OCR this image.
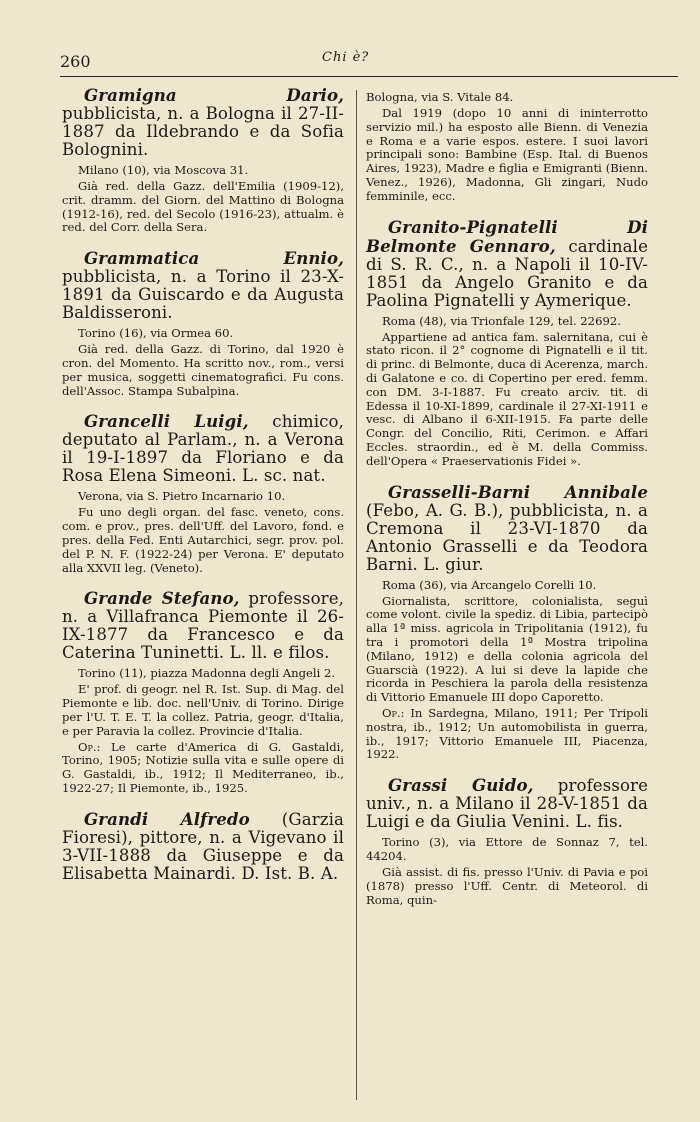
260	Chi è?

Gramigna Dario, pubblicista, n. a Bologna il 27-II-1887 da Ildebrando e da Sofia Bolognini.

Milano (10), via Moscova 31.

Già red. della Gazz. dell'Emilia (1909-12), crit. dramm. del Giorn. del Mattino di Bologna (1912-16), red. del Secolo (1916-23), attualm. è red. del Corr. della Sera.

Grammatica Ennio, pubblicista, n. a Torino il 23-X-1891 da Guiscardo e da Augusta Baldisseroni.

Torino (16), via Ormea 60.

Già red. della Gazz. di Torino, dal 1920 è cron. del Momento. Ha scritto nov., rom., versi per musica, soggetti cinematografici. Fu cons. dell'Assoc. Stampa Subalpina.

Grancelli Luigi, chimico, deputato al Parlam., n. a Verona il 19-I-1897 da Floriano e da Rosa Elena Simeoni. L. sc. nat.

Verona, via S. Pietro Incarnario 10.

Fu uno degli organ. del fasc. veneto, cons. com. e prov., pres. dell'Uff. del Lavoro, fond. e pres. della Fed. Enti Autarchici, segr. prov. pol. del P. N. F. (1922-24) per Verona. E' deputato alla XXVII leg. (Veneto).

Grande Stefano, professore, n. a Villafranca Piemonte il 26-IX-1877 da Francesco e da Caterina Tuninetti. L. ll. e filos.

Torino (11), piazza Madonna degli Angeli 2.

E' prof. di geogr. nel R. Ist. Sup. di Mag. del Piemonte e lib. doc. nell'Univ. di Torino. Dirige per l'U. T. E. T. la collez. Patria, geogr. d'Italia, e per Paravia la collez. Provincie d'Italia.

Op.: Le carte d'America di G. Gastaldi, Torino, 1905; Notizie sulla vita e sulle opere di G. Gastaldi, ib., 1912; Il Mediterraneo, ib., 1922-27; Il Piemonte, ib., 1925.

Grandi Alfredo (Garzia Fioresi), pittore, n. a Vigevano il 3-VII-1888 da Giuseppe e da Elisabetta Mainardi. D. Ist. B. A.

Bologna, via S. Vitale 84.

Dal 1919 (dopo 10 anni di ininterrotto servizio mil.) ha esposto alle Bienn. di Venezia e Roma e a varie espos. estere. I suoi lavori principali sono: Bambine (Esp. Ital. di Buenos Aires, 1923), Madre e figlia e Emigranti (Bienn. Venez., 1926), Madonna, Gli zingari, Nudo femminile, ecc.

Granito-Pignatelli Di Belmonte Gennaro, cardinale di S. R. C., n. a Napoli il 10-IV-1851 da Angelo Granito e da Paolina Pignatelli y Aymerique.

Roma (48), via Trionfale 129, tel. 22692.

Appartiene ad antica fam. salernitana, cui è stato ricon. il 2° cognome di Pignatelli e il tit. di princ. di Belmonte, duca di Acerenza, march. di Galatone e co. di Copertino per ered. femm. con DM. 3-I-1887. Fu creato arciv. tit. di Edessa il 10-XI-1899, cardinale il 27-XI-1911 e vesc. di Albano il 6-XII-1915. Fa parte delle Congr. del Concilio, Riti, Cerimon. e Affari Eccles. straordin., ed è M. della Commiss. dell'Opera « Praeservationis Fidei ».

Grasselli-Barni Annibale (Febo, A. G. B.), pubblicista, n. a Cremona il 23-VI-1870 da Antonio Grasselli e da Teodora Barni. L. giur.

Roma (36), via Arcangelo Corelli 10.

Giornalista, scrittore, colonialista, seguì come volont. civile la spediz. di Libia, partecipò alla 1ª miss. agricola in Tripolitania (1912), fu tra i promotori della 1ª Mostra tripolina (Milano, 1912) e della colonia agricola del Guarscià (1922). A lui si deve la lapide che ricorda in Peschiera la parola della resistenza di Vittorio Emanuele III dopo Caporetto.

Op.: In Sardegna, Milano, 1911; Per Tripoli nostra, ib., 1912; Un automobilista in guerra, ib., 1917; Vittorio Emanuele III, Piacenza, 1922.

Grassi Guido, professore univ., n. a Milano il 28-V-1851 da Luigi e da Giulia Venini. L. fis.

Torino (3), via Ettore de Sonnaz 7, tel. 44204.

Già assist. di fis. presso l'Univ. di Pavia e poi (1878) presso l'Uff. Centr. di Meteorol. di Roma, quin-
